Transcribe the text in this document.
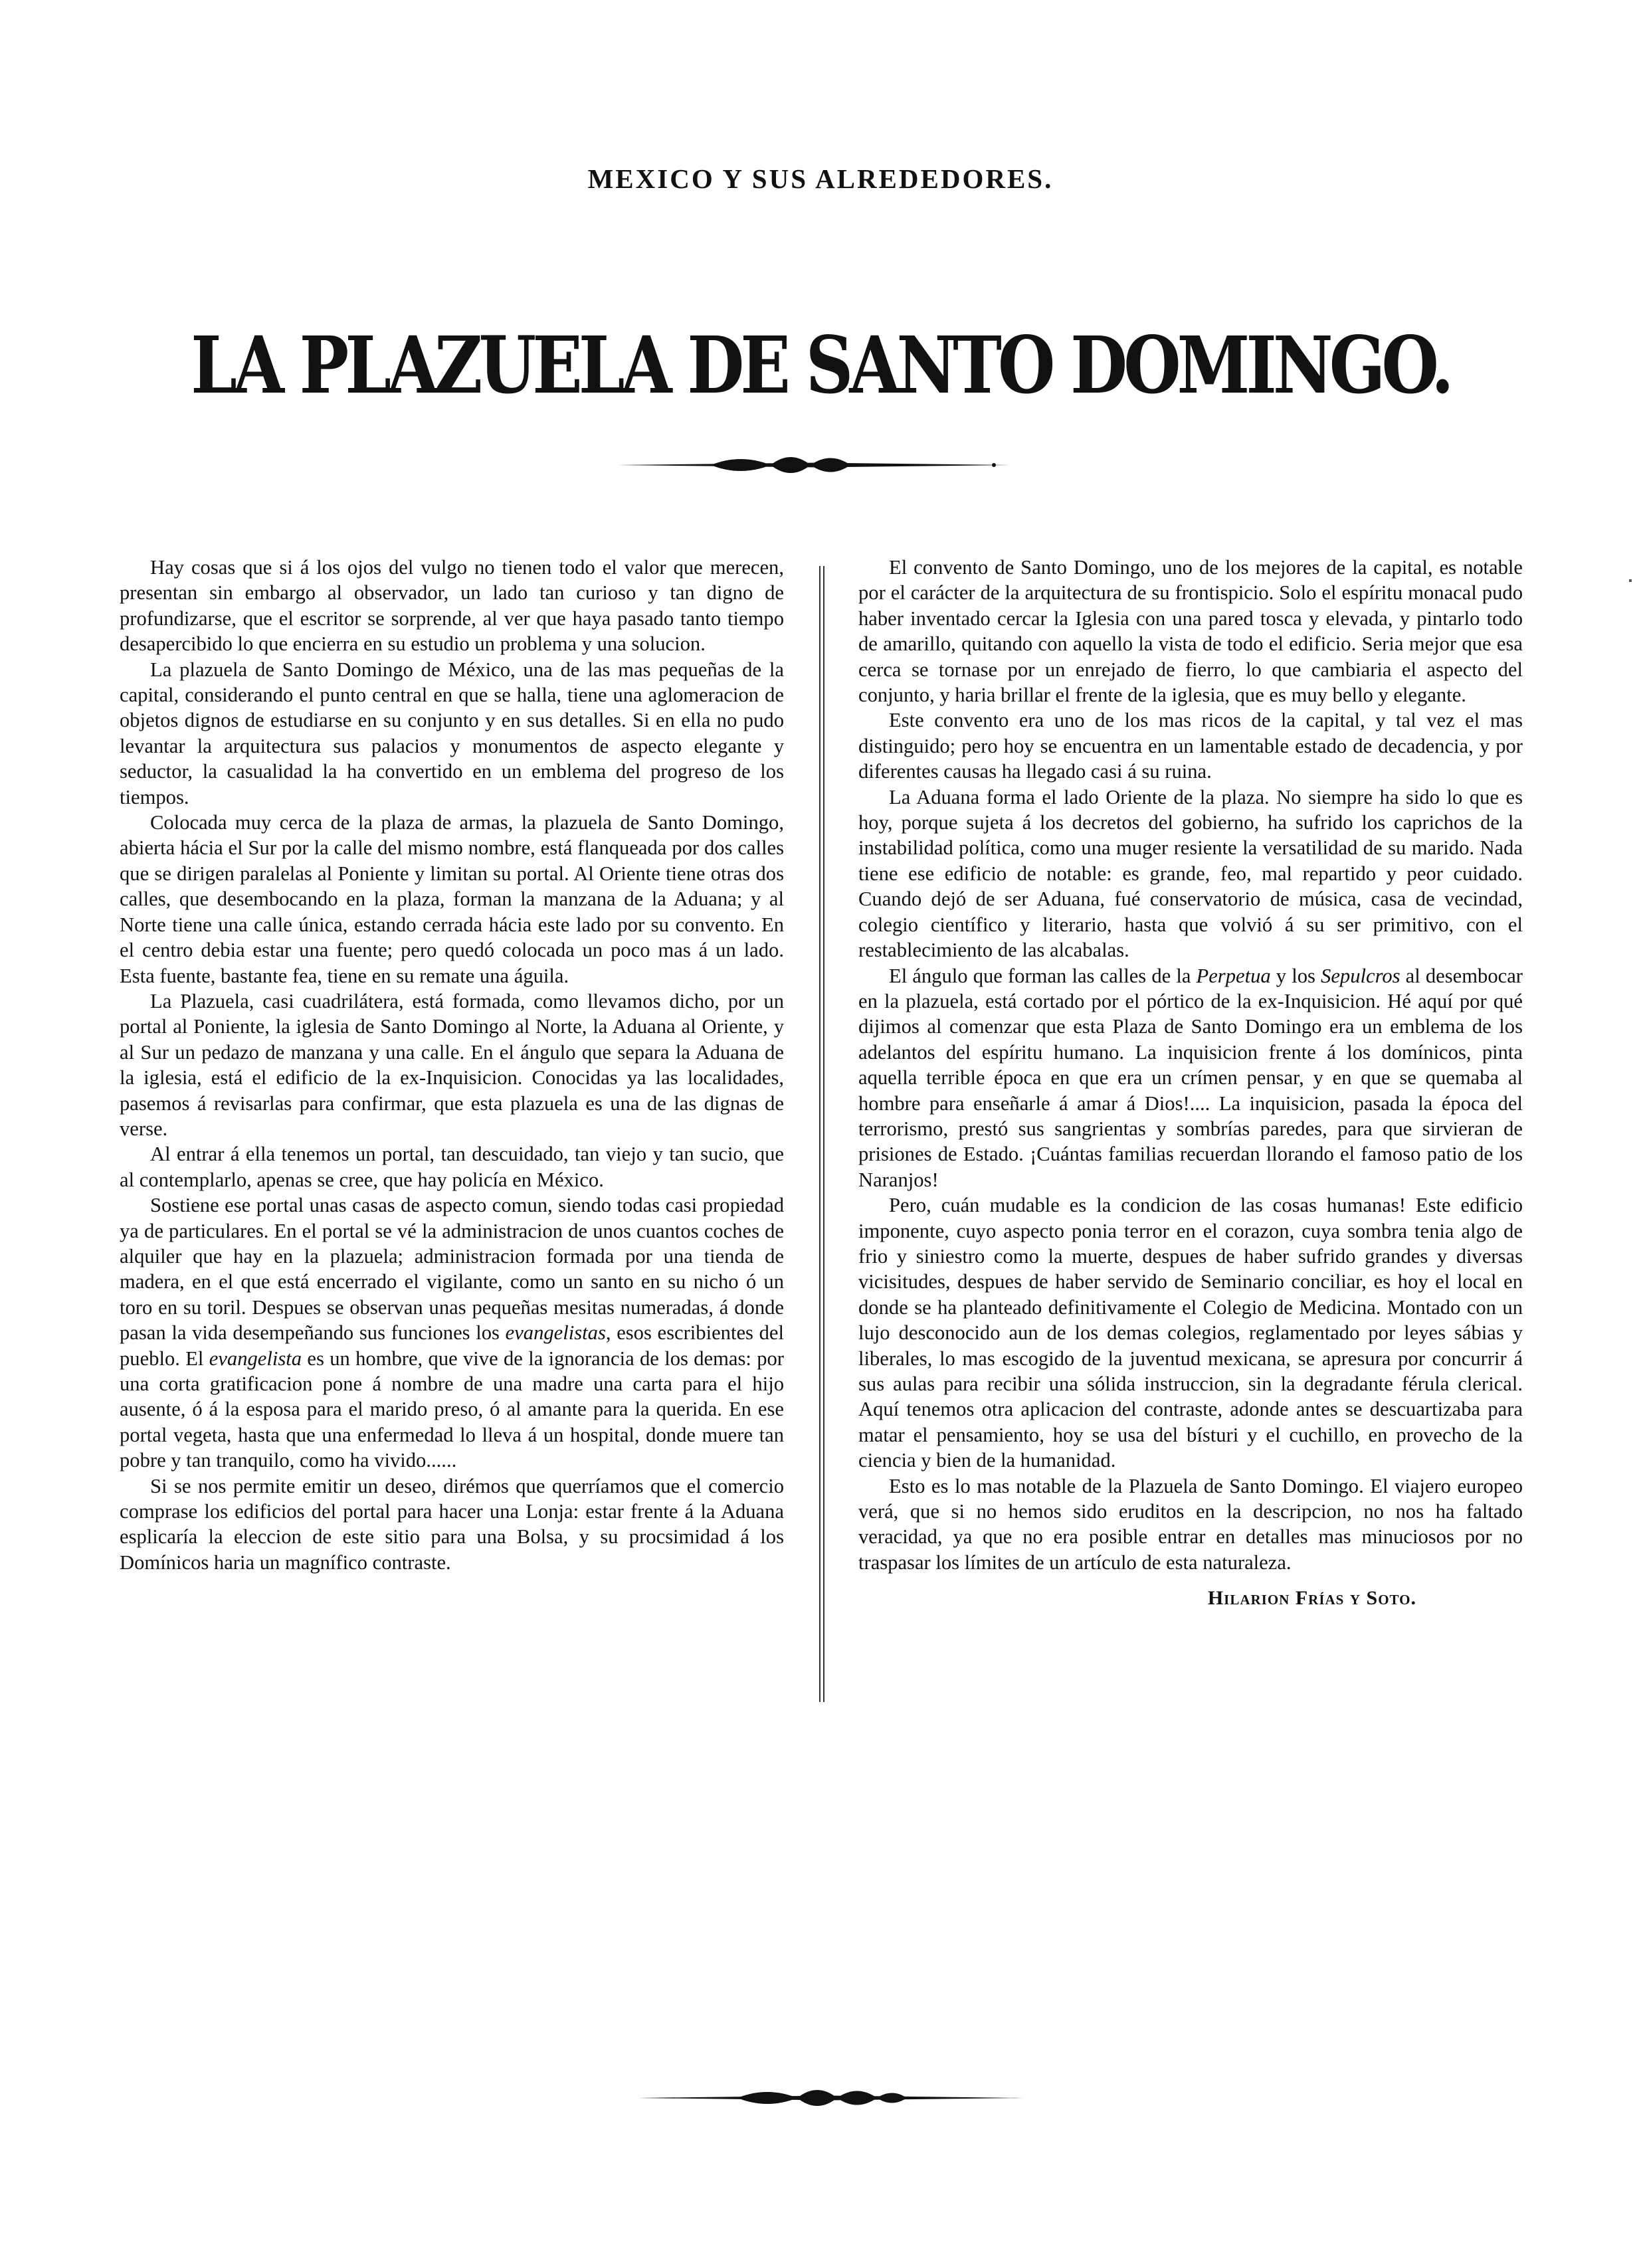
MEXICO Y SUS ALREDEDORES.
LA PLAZUELA DE SANTO DOMINGO.

Hay cosas que si á los ojos del vulgo no tienen todo el valor que merecen, presentan sin embargo al observador, un lado tan curioso y tan digno de profundizarse, que el escritor se sorprende, al ver que haya pasado tanto tiempo desapercibido lo que encierra en su estudio un problema y una solucion.

La plazuela de Santo Domingo de México, una de las mas pequeñas de la capital, considerando el punto central en que se halla, tiene una aglomeracion de objetos dignos de estudiarse en su conjunto y en sus detalles. Si en ella no pudo levantar la arquitectura sus palacios y monumentos de aspecto elegante y seductor, la casualidad la ha convertido en un emblema del progreso de los tiempos.

Colocada muy cerca de la plaza de armas, la plazuela de Santo Domingo, abierta hácia el Sur por la calle del mismo nombre, está flanqueada por dos calles que se dirigen paralelas al Poniente y limitan su portal. Al Oriente tiene otras dos calles, que desembocando en la plaza, forman la manzana de la Aduana; y al Norte tiene una calle única, estando cerrada hácia este lado por su convento. En el centro debia estar una fuente; pero quedó colocada un poco mas á un lado. Esta fuente, bastante fea, tiene en su remate una águila.

La Plazuela, casi cuadrilátera, está formada, como llevamos dicho, por un portal al Poniente, la iglesia de Santo Domingo al Norte, la Aduana al Oriente, y al Sur un pedazo de manzana y una calle. En el ángulo que separa la Aduana de la iglesia, está el edificio de la ex-Inquisicion. Conocidas ya las localidades, pasemos á revisarlas para confirmar, que esta plazuela es una de las dignas de verse.

Al entrar á ella tenemos un portal, tan descuidado, tan viejo y tan sucio, que al contemplarlo, apenas se cree, que hay policía en México.

Sostiene ese portal unas casas de aspecto comun, siendo todas casi propiedad ya de particulares. En el portal se vé la administracion de unos cuantos coches de alquiler que hay en la plazuela; administracion formada por una tienda de madera, en el que está encerrado el vigilante, como un santo en su nicho ó un toro en su toril. Despues se observan unas pequeñas mesitas numeradas, á donde pasan la vida desempeñando sus funciones los evangelistas, esos escribientes del pueblo. El evangelista es un hombre, que vive de la ignorancia de los demas: por una corta gratificacion pone á nombre de una madre una carta para el hijo ausente, ó á la esposa para el marido preso, ó al amante para la querida. En ese portal vegeta, hasta que una enfermedad lo lleva á un hospital, donde muere tan pobre y tan tranquilo, como ha vivido......

Si se nos permite emitir un deseo, dirémos que querríamos que el comercio comprase los edificios del portal para hacer una Lonja: estar frente á la Aduana esplicaría la eleccion de este sitio para una Bolsa, y su procsimidad á los Domínicos haria un magnífico contraste.

El convento de Santo Domingo, uno de los mejores de la capital, es notable por el carácter de la arquitectura de su frontispicio. Solo el espíritu monacal pudo haber inventado cercar la Iglesia con una pared tosca y elevada, y pintarlo todo de amarillo, quitando con aquello la vista de todo el edificio. Seria mejor que esa cerca se tornase por un enrejado de fierro, lo que cambiaria el aspecto del conjunto, y haria brillar el frente de la iglesia, que es muy bello y elegante.

Este convento era uno de los mas ricos de la capital, y tal vez el mas distinguido; pero hoy se encuentra en un lamentable estado de decadencia, y por diferentes causas ha llegado casi á su ruina.

La Aduana forma el lado Oriente de la plaza. No siempre ha sido lo que es hoy, porque sujeta á los decretos del gobierno, ha sufrido los caprichos de la instabilidad política, como una muger resiente la versatilidad de su marido. Nada tiene ese edificio de notable: es grande, feo, mal repartido y peor cuidado. Cuando dejó de ser Aduana, fué conservatorio de música, casa de vecindad, colegio científico y literario, hasta que volvió á su ser primitivo, con el restablecimiento de las alcabalas.

El ángulo que forman las calles de la Perpetua y los Sepulcros al desembocar en la plazuela, está cortado por el pórtico de la ex-Inquisicion. Hé aquí por qué dijimos al comenzar que esta Plaza de Santo Domingo era un emblema de los adelantos del espíritu humano. La inquisicion frente á los domínicos, pinta aquella terrible época en que era un crímen pensar, y en que se quemaba al hombre para enseñarle á amar á Dios!.... La inquisicion, pasada la época del terrorismo, prestó sus sangrientas y sombrías paredes, para que sirvieran de prisiones de Estado. ¡Cuántas familias recuerdan llorando el famoso patio de los Naranjos!

Pero, cuán mudable es la condicion de las cosas humanas! Este edificio imponente, cuyo aspecto ponia terror en el corazon, cuya sombra tenia algo de frio y siniestro como la muerte, despues de haber sufrido grandes y diversas vicisitudes, despues de haber servido de Seminario conciliar, es hoy el local en donde se ha planteado definitivamente el Colegio de Medicina. Montado con un lujo desconocido aun de los demas colegios, reglamentado por leyes sábias y liberales, lo mas escogido de la juventud mexicana, se apresura por concurrir á sus aulas para recibir una sólida instruccion, sin la degradante férula clerical. Aquí tenemos otra aplicacion del contraste, adonde antes se descuartizaba para matar el pensamiento, hoy se usa del bísturi y el cuchillo, en provecho de la ciencia y bien de la humanidad.

Esto es lo mas notable de la Plazuela de Santo Domingo. El viajero europeo verá, que si no hemos sido eruditos en la descripcion, no nos ha faltado veracidad, ya que no era posible entrar en detalles mas minuciosos por no traspasar los límites de un artículo de esta naturaleza.

Hilarion Frías y Soto.
